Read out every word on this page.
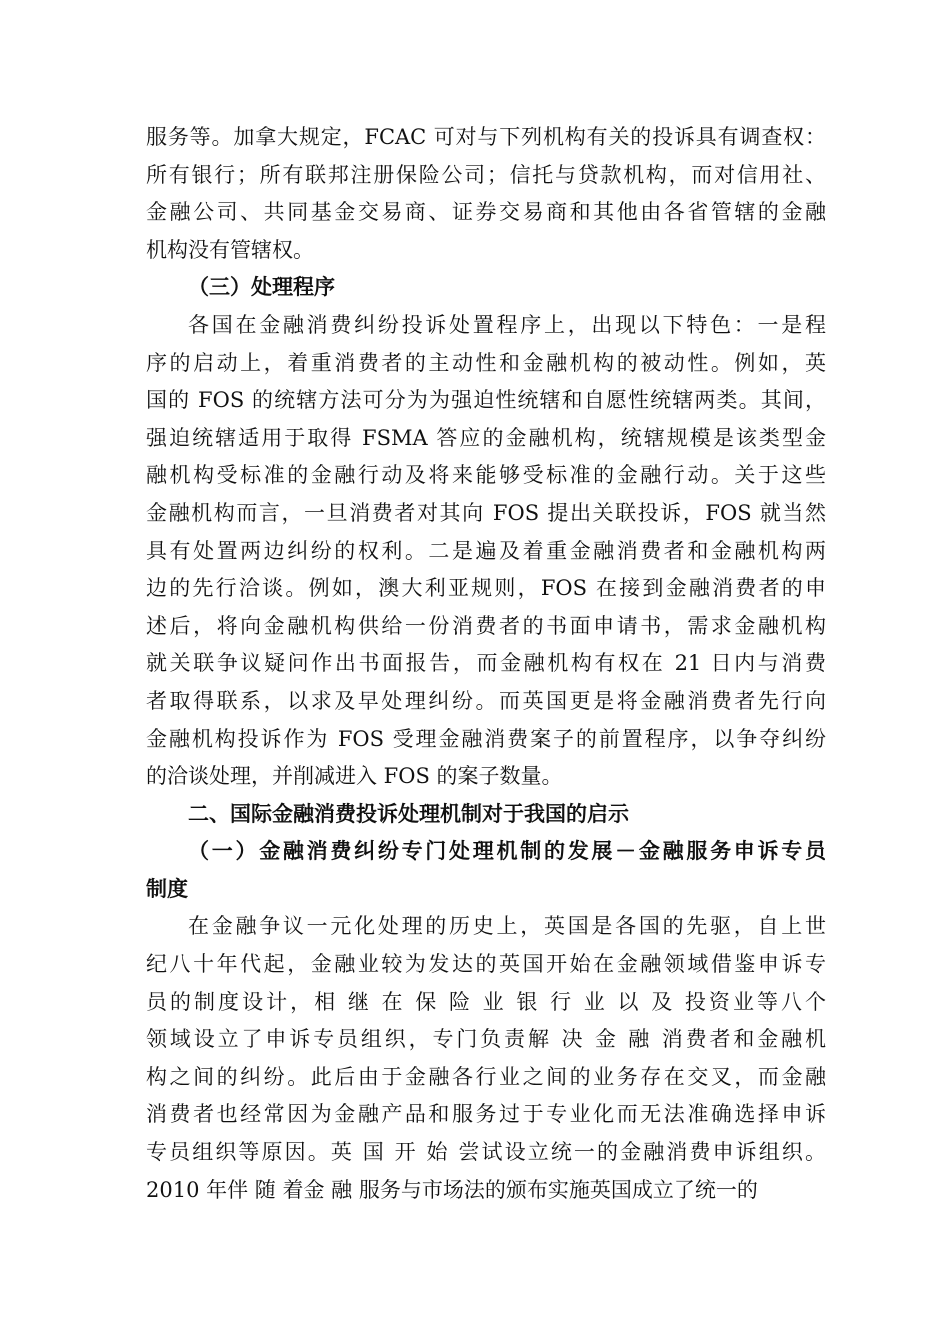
服务等。加拿大规定，FCAC 可对与下列机构有关的投诉具有调查权：
所有银行；所有联邦注册保险公司；信托与贷款机构，而对信用社、
金融公司、共同基金交易商、证券交易商和其他由各省管辖的金融
机构没有管辖权。
（三）处理程序
各国在金融消费纠纷投诉处置程序上，出现以下特色：一是程
序的启动上，着重消费者的主动性和金融机构的被动性。例如，英
国的 FOS 的统辖方法可分为为强迫性统辖和自愿性统辖两类。其间，
强迫统辖适用于取得 FSMA 答应的金融机构，统辖规模是该类型金
融机构受标准的金融行动及将来能够受标准的金融行动。关于这些
金融机构而言，一旦消费者对其向 FOS 提出关联投诉，FOS 就当然
具有处置两边纠纷的权利。二是遍及着重金融消费者和金融机构两
边的先行洽谈。例如，澳大利亚规则，FOS 在接到金融消费者的申
述后，将向金融机构供给一份消费者的书面申请书，需求金融机构
就关联争议疑问作出书面报告，而金融机构有权在 21 日内与消费
者取得联系，以求及早处理纠纷。而英国更是将金融消费者先行向
金融机构投诉作为 FOS 受理金融消费案子的前置程序，以争夺纠纷
的洽谈处理，并削减进入 FOS 的案子数量。
二、国际金融消费投诉处理机制对于我国的启示
（一）金融消费纠纷专门处理机制的发展－金融服务申诉专员
制度
在金融争议一元化处理的历史上，英国是各国的先驱，自上世
纪八十年代起，金融业较为发达的英国开始在金融领域借鉴申诉专
员的制度设计，相 继 在 保 险 业 银 行 业 以 及 投资业等八个
领域设立了申诉专员组织，专门负责解 决 金 融 消费者和金融机
构之间的纠纷。此后由于金融各行业之间的业务存在交叉，而金融
消费者也经常因为金融产品和服务过于专业化而无法准确选择申诉
专员组织等原因。英 国 开 始 尝试设立统一的金融消费申诉组织。
2010 年伴 随 着金 融 服务与市场法的颁布实施英国成立了统一的
